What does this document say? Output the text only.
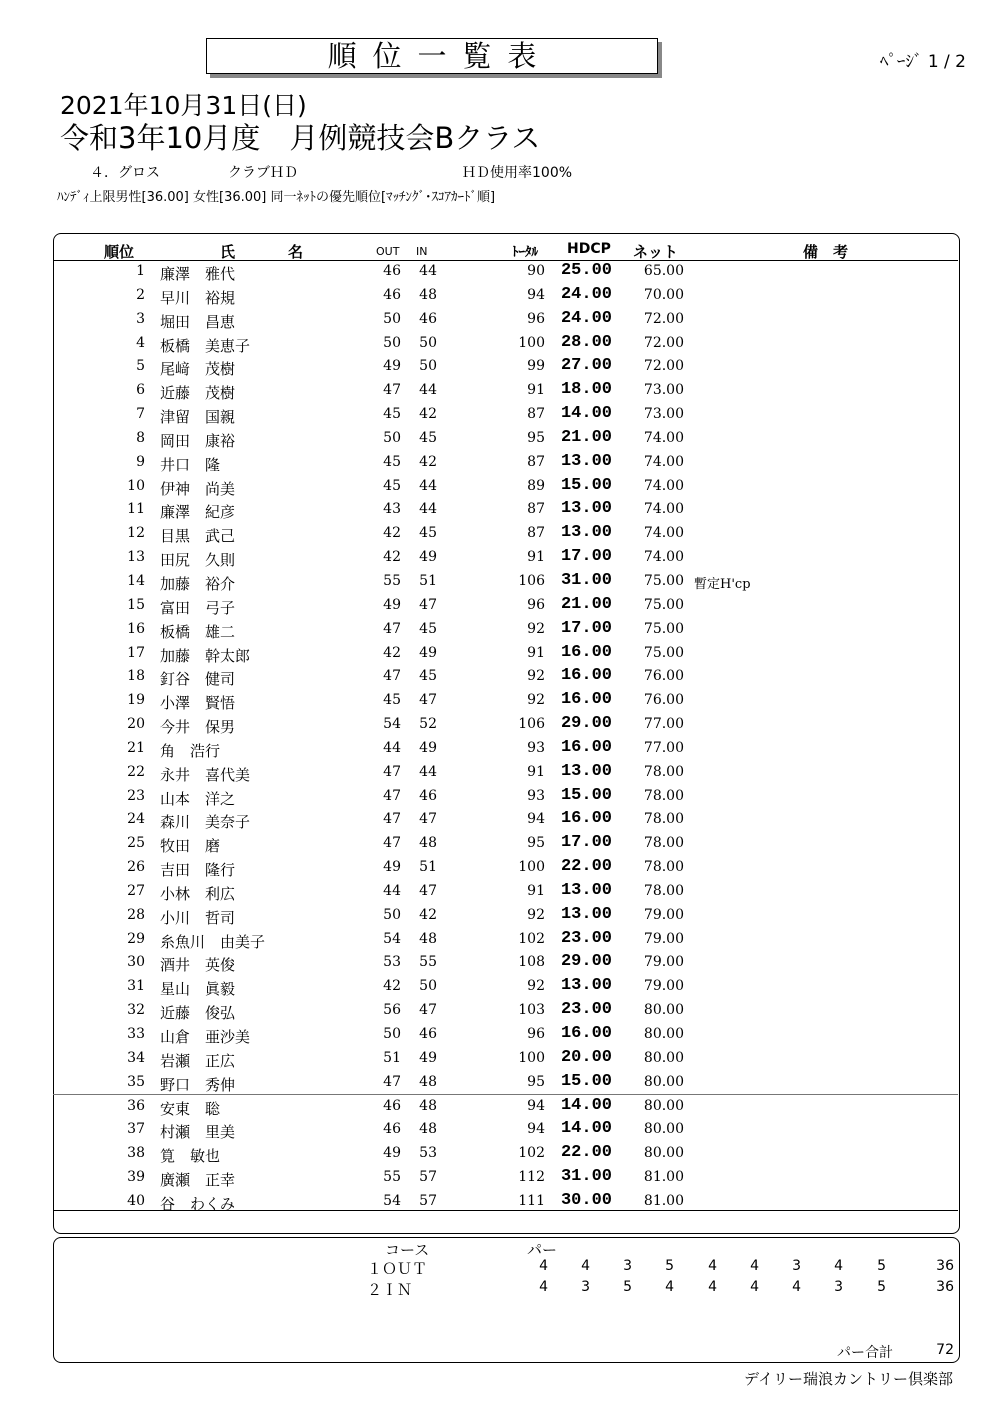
順位一覧表	ﾍﾟｰｼﾞ 1 / 2
2021年10月31日(日)
令和3年10月度　月例競技会Bクラス
４．グロス	クラブＨＤ	ＨＤ使用率100%
ﾊﾝﾃﾞｨ上限男性[36.00] 女性[36.00] 同一ﾈｯﾄの優先順位[ﾏｯﾁﾝｸﾞ･ｽｺｱｶｰﾄﾞ順]
順位	氏	名	OUT IN	ﾄｰﾀﾙ HDCP ネット	備　考
1 廉澤　雅代	46 44	90 25.00 65.00
2 早川　裕規	46 48	94 24.00 70.00
3 堀田　昌恵	50 46	96 24.00 72.00
4 板橋　美恵子	50 50	100 28.00 72.00
5 尾﨑　茂樹	49 50	99 27.00 72.00
6 近藤　茂樹	47 44	91 18.00 73.00
7 津留　国親	45 42	87 14.00 73.00
8 岡田　康裕	50 45	95 21.00 74.00
9 井口　隆	45 42	87 13.00 74.00
10 伊神　尚美	45 44	89 15.00 74.00
11 廉澤　紀彦	43 44	87 13.00 74.00
12 目黒　武己	42 45	87 13.00 74.00
13 田尻　久則	42 49	91 17.00 74.00
14 加藤　裕介	55 51	106 31.00 75.00 暫定H'cp
15 富田　弓子	49 47	96 21.00 75.00
16 板橋　雄二	47 45	92 17.00 75.00
17 加藤　幹太郎	42 49	91 16.00 75.00
18 釘谷　健司	47 45	92 16.00 76.00
19 小澤　賢悟	45 47	92 16.00 76.00
20 今井　保男	54 52	106 29.00 77.00
21 角　浩行	44 49	93 16.00 77.00
22 永井　喜代美	47 44	91 13.00 78.00
23 山本　洋之	47 46	93 15.00 78.00
24 森川　美奈子	47 47	94 16.00 78.00
25 牧田　磨	47 48	95 17.00 78.00
26 吉田　隆行	49 51	100 22.00 78.00
27 小林　利広	44 47	91 13.00 78.00
28 小川　哲司	50 42	92 13.00 79.00
29 糸魚川　由美子	54 48	102 23.00 79.00
30 酒井　英俊	53 55	108 29.00 79.00
31 星山　眞毅	42 50	92 13.00 79.00
32 近藤　俊弘	56 47	103 23.00 80.00
33 山倉　亜沙美	50 46	96 16.00 80.00
34 岩瀬　正広	51 49	100 20.00 80.00
35 野口　秀伸	47 48	95 15.00 80.00
36 安東　聡	46 48	94 14.00 80.00
37 村瀬　里美	46 48	94 14.00 80.00
38 筧　敏也	49 53	102 22.00 80.00
39 廣瀬　正幸	55 57	112 31.00 81.00
40 谷　わくみ	54 57	111 30.00 81.00
コース	パー
１ＯＵＴ	4	4	3	5	4	4	3	4	5	36
２ＩＮ	4	3	5	4	4	4	4	3	5	36
パー合計	72
デイリー瑞浪カントリー倶楽部
